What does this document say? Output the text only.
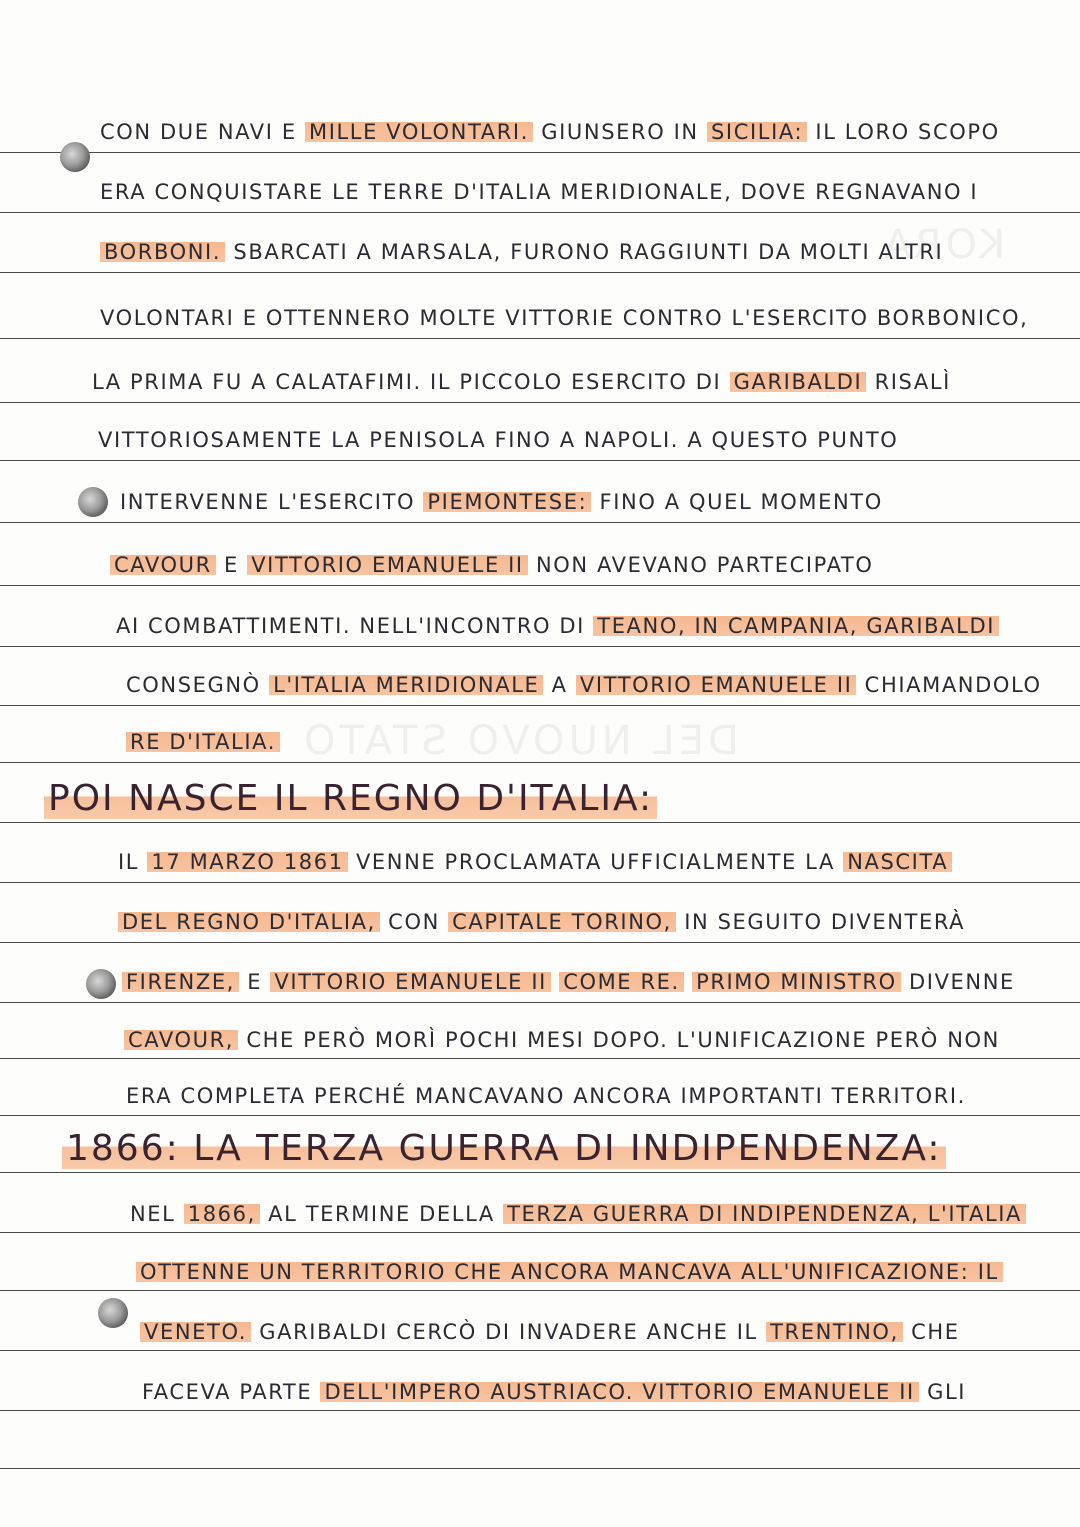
KORA
DEL NUOVO STATO
CON DUE NAVI E MILLE VOLONTARI. GIUNSERO IN SICILIA: IL LORO SCOPO
ERA CONQUISTARE LE TERRE D'ITALIA MERIDIONALE, DOVE REGNAVANO I
BORBONI. SBARCATI A MARSALA, FURONO RAGGIUNTI DA MOLTI ALTRI
VOLONTARI E OTTENNERO MOLTE VITTORIE CONTRO L'ESERCITO BORBONICO,
LA PRIMA FU A CALATAFIMI. IL PICCOLO ESERCITO DI GARIBALDI RISALÌ
VITTORIOSAMENTE LA PENISOLA FINO A NAPOLI. A QUESTO PUNTO
INTERVENNE L'ESERCITO PIEMONTESE: FINO A QUEL MOMENTO
CAVOUR E VITTORIO EMANUELE II NON AVEVANO PARTECIPATO
AI COMBATTIMENTI. NELL'INCONTRO DI TEANO, IN CAMPANIA, GARIBALDI
CONSEGNÒ L'ITALIA MERIDIONALE A VITTORIO EMANUELE II CHIAMANDOLO
RE D'ITALIA.
POI NASCE IL REGNO D'ITALIA:
IL 17 MARZO 1861 VENNE PROCLAMATA UFFICIALMENTE LA NASCITA
DEL REGNO D'ITALIA, CON CAPITALE TORINO, IN SEGUITO DIVENTERÀ
FIRENZE, E VITTORIO EMANUELE II COME RE. PRIMO MINISTRO DIVENNE
CAVOUR, CHE PERÒ MORÌ POCHI MESI DOPO. L'UNIFICAZIONE PERÒ NON
ERA COMPLETA PERCHÉ MANCAVANO ANCORA IMPORTANTI TERRITORI.
1866: LA TERZA GUERRA DI INDIPENDENZA:
NEL 1866, AL TERMINE DELLA TERZA GUERRA DI INDIPENDENZA, L'ITALIA
OTTENNE UN TERRITORIO CHE ANCORA MANCAVA ALL'UNIFICAZIONE: IL
VENETO. GARIBALDI CERCÒ DI INVADERE ANCHE IL TRENTINO, CHE
FACEVA PARTE DELL'IMPERO AUSTRIACO. VITTORIO EMANUELE II GLI
